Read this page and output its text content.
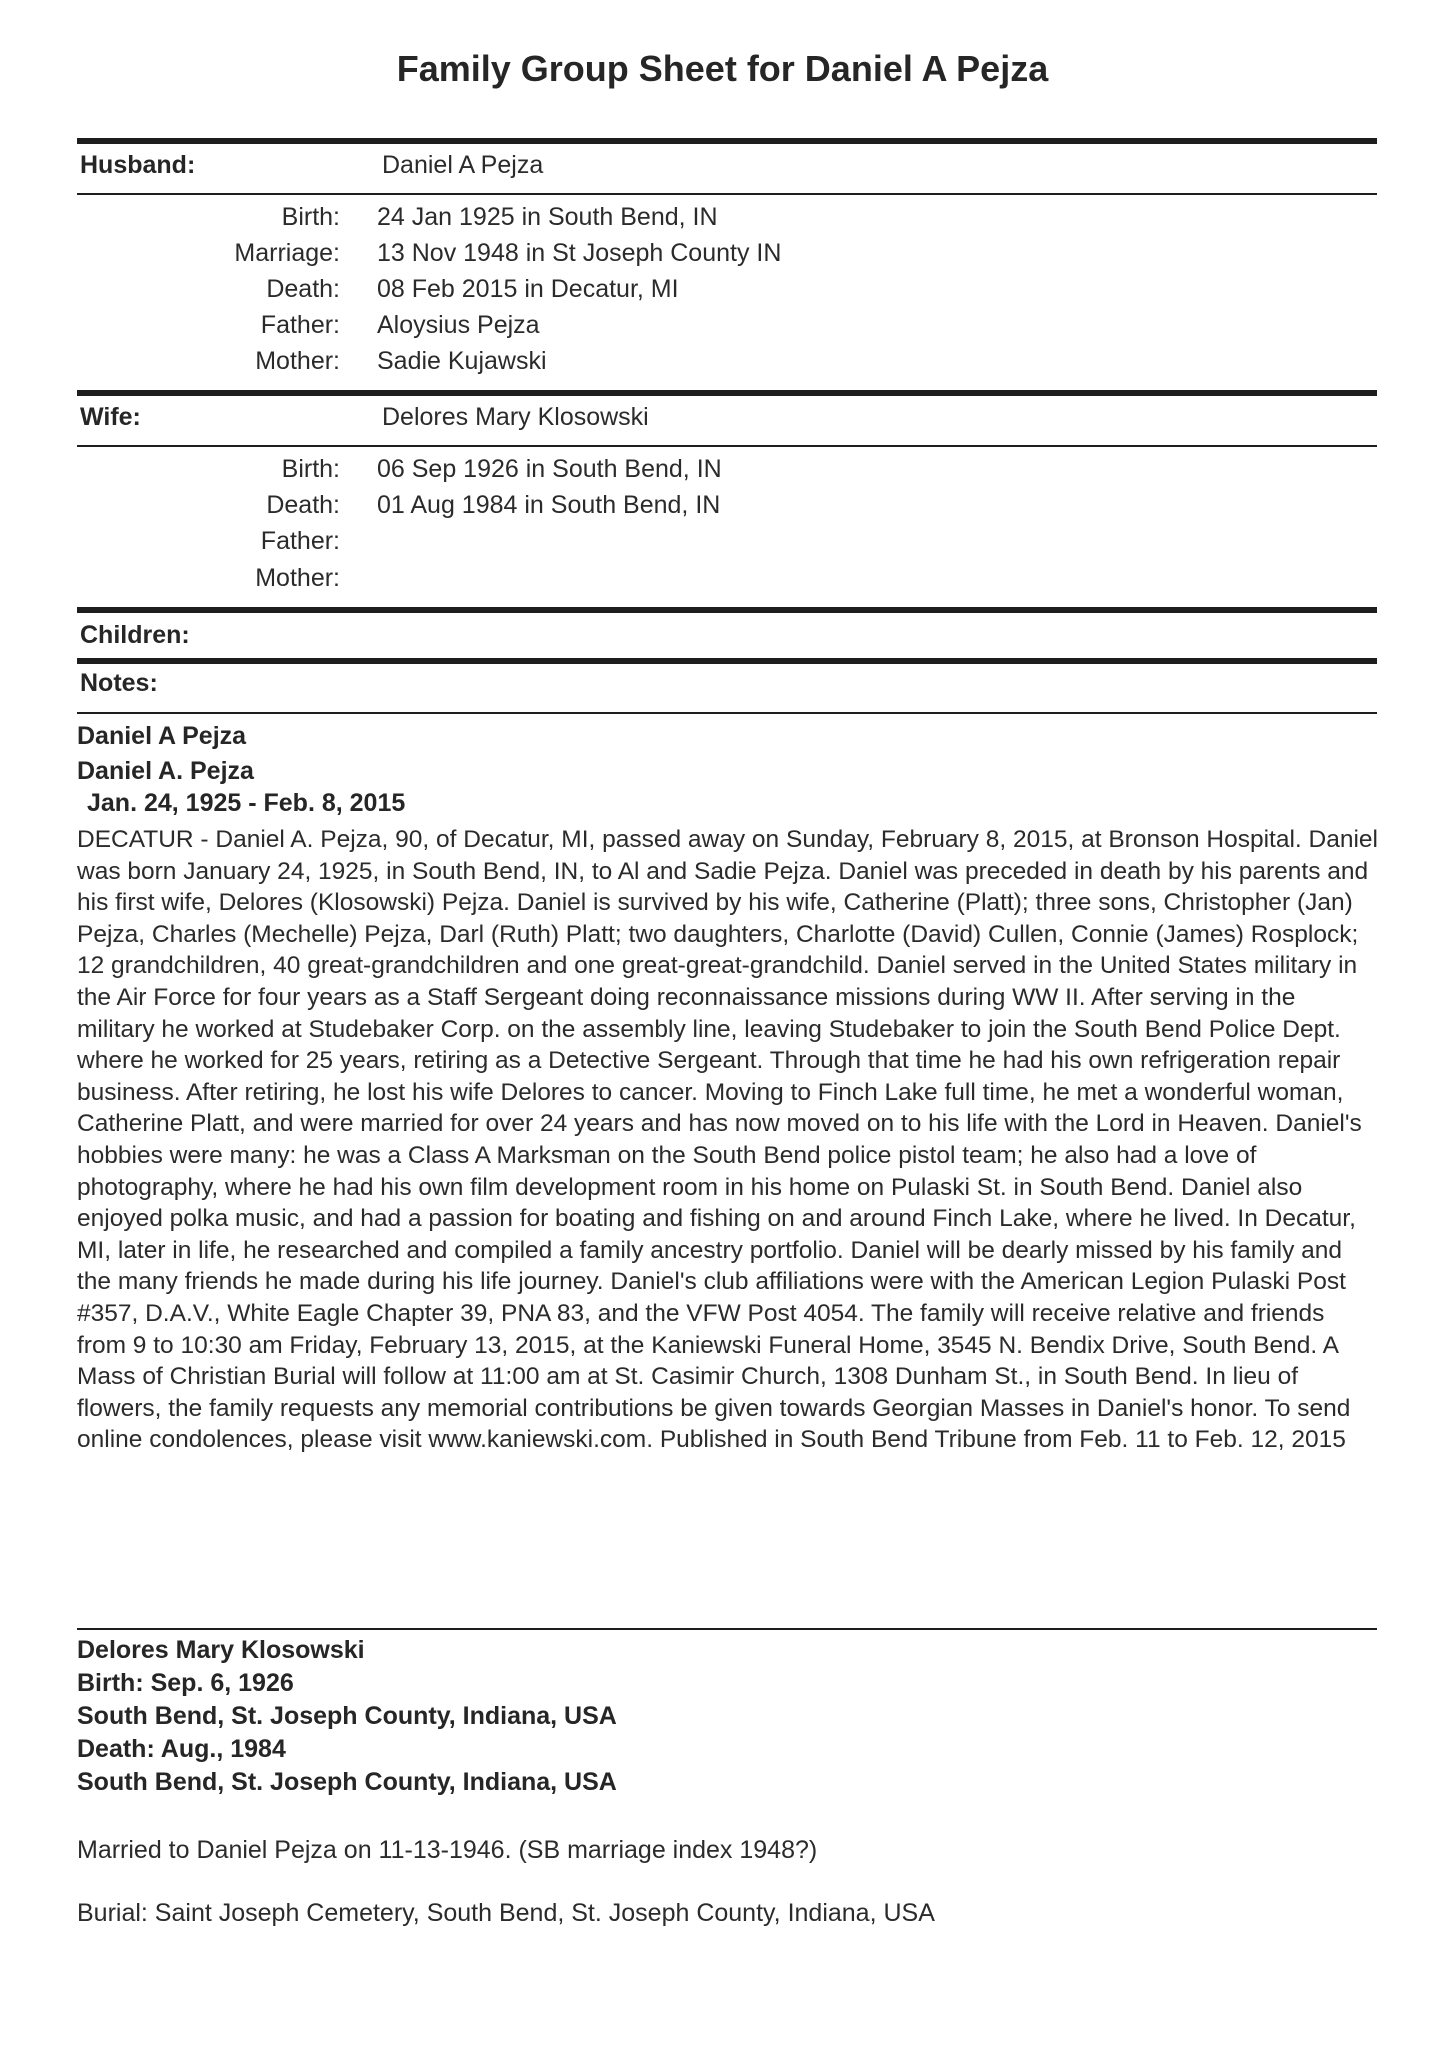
Family Group Sheet for Daniel A Pejza
Husband:	Daniel A Pejza
Birth: 24 Jan 1925 in South Bend, IN
Marriage: 13 Nov 1948 in St Joseph County IN
Death: 08 Feb 2015 in Decatur, MI
Father: Aloysius Pejza
Mother: Sadie Kujawski
Wife:	Delores Mary Klosowski
Birth: 06 Sep 1926 in South Bend, IN
Death: 01 Aug 1984 in South Bend, IN
Father:
Mother:
Children:
Notes:
Daniel A Pejza
Daniel A. Pejza
Jan. 24, 1925 - Feb. 8, 2015

DECATUR - Daniel A. Pejza, 90, of Decatur, MI, passed away on Sunday, February 8, 2015, at Bronson Hospital. Daniel was born January 24, 1925, in South Bend, IN, to Al and Sadie Pejza. Daniel was preceded in death by his parents and his first wife, Delores (Klosowski) Pejza. Daniel is survived by his wife, Catherine (Platt); three sons, Christopher (Jan) Pejza, Charles (Mechelle) Pejza, Darl (Ruth) Platt; two daughters, Charlotte (David) Cullen, Connie (James) Rosplock; 12 grandchildren, 40 great-grandchildren and one great-great-grandchild. Daniel served in the United States military in the Air Force for four years as a Staff Sergeant doing reconnaissance missions during WW II. After serving in the military he worked at Studebaker Corp. on the assembly line, leaving Studebaker to join the South Bend Police Dept. where he worked for 25 years, retiring as a Detective Sergeant. Through that time he had his own refrigeration repair business. After retiring, he lost his wife Delores to cancer. Moving to Finch Lake full time, he met a wonderful woman, Catherine Platt, and were married for over 24 years and has now moved on to his life with the Lord in Heaven. Daniel's hobbies were many: he was a Class A Marksman on the South Bend police pistol team; he also had a love of photography, where he had his own film development room in his home on Pulaski St. in South Bend. Daniel also enjoyed polka music, and had a passion for boating and fishing on and around Finch Lake, where he lived. In Decatur, MI, later in life, he researched and compiled a family ancestry portfolio. Daniel will be dearly missed by his family and the many friends he made during his life journey. Daniel's club affiliations were with the American Legion Pulaski Post #357, D.A.V., White Eagle Chapter 39, PNA 83, and the VFW Post 4054. The family will receive relative and friends from 9 to 10:30 am Friday, February 13, 2015, at the Kaniewski Funeral Home, 3545 N. Bendix Drive, South Bend. A Mass of Christian Burial will follow at 11:00 am at St. Casimir Church, 1308 Dunham St., in South Bend. In lieu of flowers, the family requests any memorial contributions be given towards Georgian Masses in Daniel's honor. To send online condolences, please visit www.kaniewski.com. Published in South Bend Tribune from Feb. 11 to Feb. 12, 2015

Delores Mary Klosowski
Birth: Sep. 6, 1926
South Bend, St. Joseph County, Indiana, USA
Death: Aug., 1984
South Bend, St. Joseph County, Indiana, USA
Married to Daniel Pejza on 11-13-1946. (SB marriage index 1948?)
Burial: Saint Joseph Cemetery, South Bend, St. Joseph County, Indiana, USA
